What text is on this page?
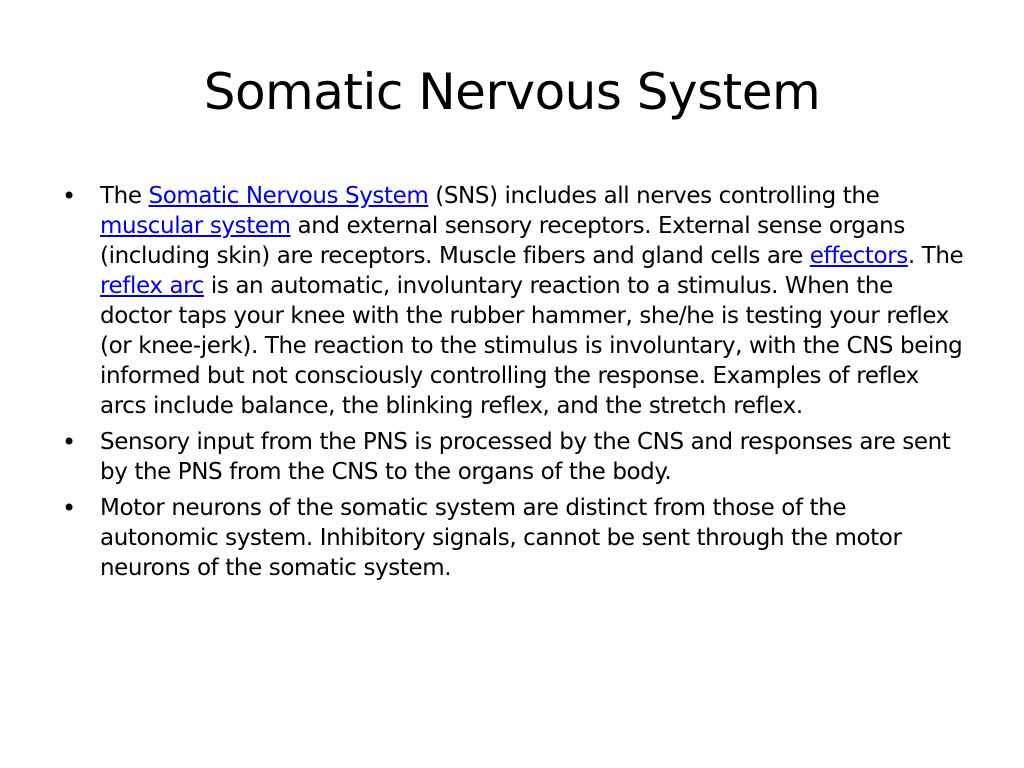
Somatic Nervous System
• The Somatic Nervous System (SNS) includes all nerves controlling the muscular system and external sensory receptors. External sense organs (including skin) are receptors. Muscle fibers and gland cells are effectors. The reflex arc is an automatic, involuntary reaction to a stimulus. When the doctor taps your knee with the rubber hammer, she/he is testing your reflex (or knee-jerk). The reaction to the stimulus is involuntary, with the CNS being informed but not consciously controlling the response. Examples of reflex arcs include balance, the blinking reflex, and the stretch reflex.
• Sensory input from the PNS is processed by the CNS and responses are sent by the PNS from the CNS to the organs of the body.
• Motor neurons of the somatic system are distinct from those of the autonomic system. Inhibitory signals, cannot be sent through the motor neurons of the somatic system.
